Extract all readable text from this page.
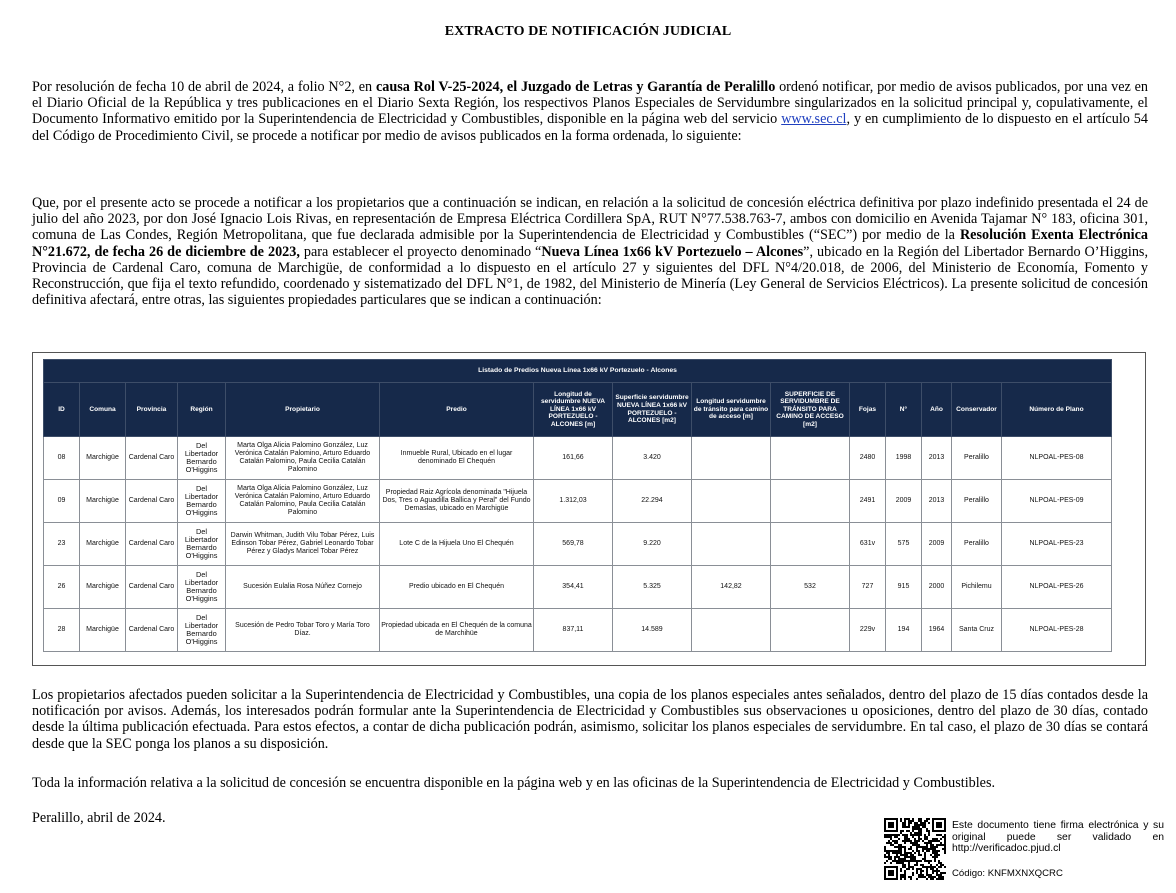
EXTRACTO DE NOTIFICACIÓN JUDICIAL

Por resolución de fecha 10 de abril de 2024, a folio N°2, en causa Rol V-25-2024, el Juzgado de Letras y Garantía de Peralillo ordenó notificar, por medio de avisos publicados, por una vez en el Diario Oficial de la República y tres publicaciones en el Diario Sexta Región, los respectivos Planos Especiales de Servidumbre singularizados en la solicitud principal y, copulativamente, el Documento Informativo emitido por la Superintendencia de Electricidad y Combustibles, disponible en la página web del servicio www.sec.cl, y en cumplimiento de lo dispuesto en el artículo 54 del Código de Procedimiento Civil, se procede a notificar por medio de avisos publicados en la forma ordenada, lo siguiente:

Que, por el presente acto se procede a notificar a los propietarios que a continuación se indican, en relación a la solicitud de concesión eléctrica definitiva por plazo indefinido presentada el 24 de julio del año 2023, por don José Ignacio Lois Rivas, en representación de Empresa Eléctrica Cordillera SpA, RUT N°77.538.763-7, ambos con domicilio en Avenida Tajamar N° 183, oficina 301, comuna de Las Condes, Región Metropolitana, que fue declarada admisible por la Superintendencia de Electricidad y Combustibles (“SEC”) por medio de la Resolución Exenta Electrónica N°21.672, de fecha 26 de diciembre de 2023, para establecer el proyecto denominado “Nueva Línea 1x66 kV Portezuelo – Alcones”, ubicado en la Región del Libertador Bernardo O’Higgins, Provincia de Cardenal Caro, comuna de Marchigüe, de conformidad a lo dispuesto en el artículo 27 y siguientes del DFL N°4/20.018, de 2006, del Ministerio de Economía, Fomento y Reconstrucción, que fija el texto refundido, coordenado y sistematizado del DFL N°1, de 1982, del Ministerio de Minería (Ley General de Servicios Eléctricos). La presente solicitud de concesión definitiva afectará, entre otras, las siguientes propiedades particulares que se indican a continuación:

Listado de Predios Nueva Línea 1x66 kV Portezuelo - Alcones														
ID	Comuna	Provincia	Región	Propietario	Predio	Longitud de servidumbre NUEVA LÍNEA 1x66 kV PORTEZUELO - ALCONES [m]	Superficie servidumbre NUEVA LÍNEA 1x66 kV PORTEZUELO - ALCONES [m2]	Longitud servidumbre de tránsito para camino de acceso [m]	SUPERFICIE DE SERVIDUMBRE DE TRÁNSITO PARA CAMINO DE ACCESO [m2]	Fojas	N°	Año	Conservador	Número de Plano
08	Marchigüe	Cardenal Caro	Del Libertador Bernardo O'Higgins	Marta Olga Alicia Palomino González, Luz Verónica Catalán Palomino, Arturo Eduardo Catalán Palomino, Paula Cecilia Catalán Palomino	Inmueble Rural, Ubicado en el lugar denominado El Chequén	161,66	3.420			2480	1998	2013	Peralillo	NLPOAL-PES-08
09	Marchigüe	Cardenal Caro	Del Libertador Bernardo O'Higgins	Marta Olga Alicia Palomino González, Luz Verónica Catalán Palomino, Arturo Eduardo Catalán Palomino, Paula Cecilia Catalán Palomino	Propiedad Raiz Agrícola denominada "Hijuela Dos, Tres o Aguadilla Ballica y Peral" del Fundo Demaslas, ubicado en Marchigüe	1.312,03	22.294			2491	2009	2013	Peralillo	NLPOAL-PES-09
23	Marchigüe	Cardenal Caro	Del Libertador Bernardo O'Higgins	Darwin Whitman, Judith Vilu Tobar Pérez, Luis Edinson Tobar Pérez, Gabriel Leonardo Tobar Pérez y Gladys Maricel Tobar Pérez	Lote C de la Hijuela Uno El Chequén	569,78	9.220			631v	575	2009	Peralillo	NLPOAL-PES-23
26	Marchigüe	Cardenal Caro	Del Libertador Bernardo O'Higgins	Sucesión Eulalia Rosa Núñez Cornejo	Predio ubicado en El Chequén	354,41	5.325	142,82	532	727	915	2000	Pichilemu	NLPOAL-PES-26
28	Marchigüe	Cardenal Caro	Del Libertador Bernardo O'Higgins	Sucesión de Pedro Tobar Toro y María Toro Díaz.	Propiedad ubicada en El Chequén de la comuna de Marchihüe	837,11	14.589			229v	194	1964	Santa Cruz	NLPOAL-PES-28

Los propietarios afectados pueden solicitar a la Superintendencia de Electricidad y Combustibles, una copia de los planos especiales antes señalados, dentro del plazo de 15 días contados desde la notificación por avisos. Además, los interesados podrán formular ante la Superintendencia de Electricidad y Combustibles sus observaciones u oposiciones, dentro del plazo de 30 días, contado desde la última publicación efectuada. Para estos efectos, a contar de dicha publicación podrán, asimismo, solicitar los planos especiales de servidumbre. En tal caso, el plazo de 30 días se contará desde que la SEC ponga los planos a su disposición.

Toda la información relativa a la solicitud de concesión se encuentra disponible en la página web y en las oficinas de la Superintendencia de Electricidad y Combustibles.

Peralillo, abril de 2024.	Este documento tiene firma electrónica y su original puede ser validado en http://verificadoc.pjud.cl
Código: KNFMXNXQCRC
